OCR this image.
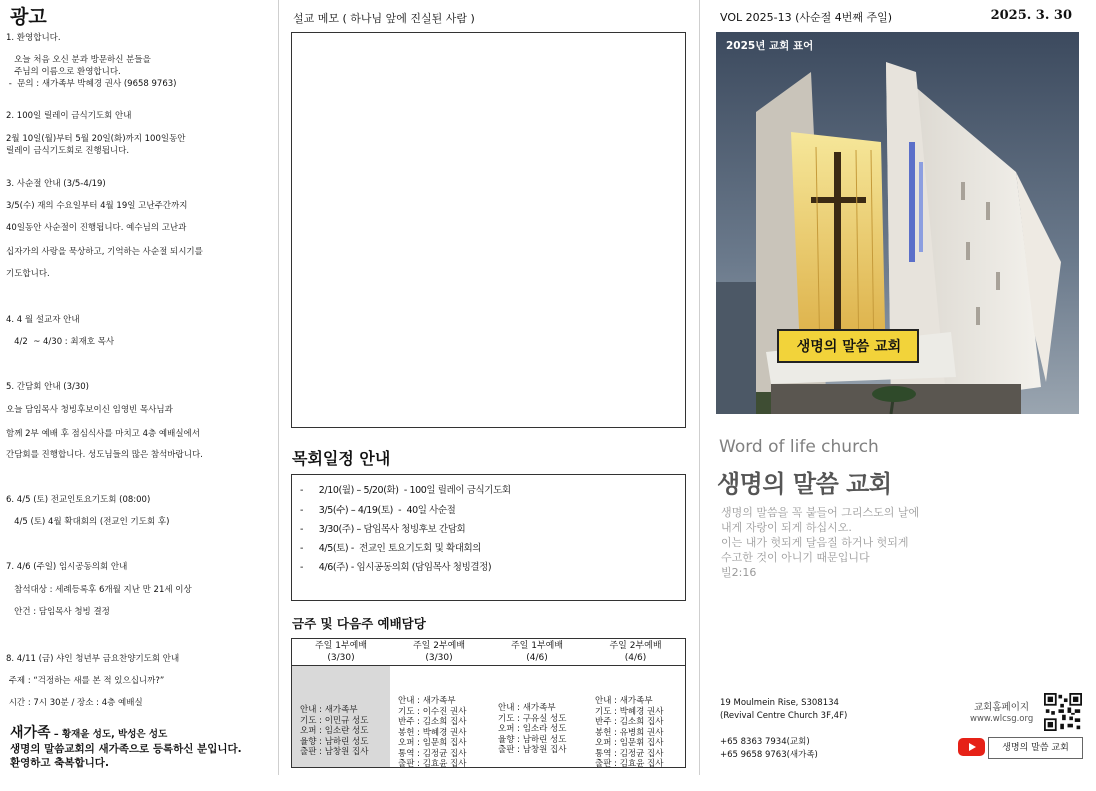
광고
1. 환영합니다.
오늘 처음 오신 분과 방문하신 분들을
주님의 이름으로 환영합니다.
-  문의 : 새가족부 박혜경 권사 (9658 9763)
2. 100일 릴레이 금식기도회 안내
2월 10일(월)부터 5월 20일(화)까지 100일동안
릴레이 금식기도회로 진행됩니다.
3. 사순절 안내 (3/5-4/19)
3/5(수) 재의 수요일부터 4월 19일 고난주간까지
40일동안 사순절이 진행됩니다. 예수님의 고난과
십자가의 사랑을 묵상하고, 기억하는 사순절 되시기를
기도합니다.
4. 4 월 설교자 안내
4/2  ~ 4/30 : 최재호 목사
5. 간담회 안내 (3/30)
오늘 담임목사 청빙후보이신 임영빈 목사님과
함께 2부 예배 후 점심식사를 마치고 4층 예배실에서
간담회를 진행합니다. 성도님들의 많은 참석바랍니다.
6. 4/5 (토) 전교인토요기도회 (08:00)
4/5 (토) 4월 확대회의 (전교인 기도회 후)
7. 4/6 (주일) 임시공동의회 안내
참석대상 : 세례등록후 6개월 지난 만 21세 이상
안건 : 담임목사 청빙 결정
8. 4/11 (금) 샤인 청년부 금요찬양기도회 안내
주제 : “걱정하는 새를 본 적 있으십니까?”
시간 : 7시 30분 / 장소 : 4층 예배실
새가족 – 황재윤 성도, 박성은 성도
생명의 말씀교회의 새가족으로 등록하신 분입니다.
환영하고 축복합니다.
설교 메모 ( 하나님 앞에 진실된 사람 )
목회일정 안내
-      2/10(월) – 5/20(화)  - 100일 릴레이 금식기도회
-      3/5(수) – 4/19(토)  -  40일 사순절
-      3/30(주) – 담임목사 청빙후보 간담회
-      4/5(토) -  전교인 토요기도회 및 확대회의
-      4/6(주) - 임시공동의회 (담임목사 청빙결정)
금주 및 다음주 예배담당
주일 1부예배
(3/30)
주일 2부예배
(3/30)
주일 1부예배
(4/6)
주일 2부예배
(4/6)

안내 : 새가족부
기도 : 이민규 성도
오퍼 : 임소란 성도
율향 : 남하린 성도
출판 : 남창원 집사

안내 : 새가족부
기도 : 이수진 권사
반주 : 김소희 집사
봉헌 : 박혜경 권사
오퍼 : 임문희 집사
통역 : 김정균 집사
출판 : 김효윤 집사

안내 : 새가족부
기도 : 구유실 성도
오퍼 : 임소라 성도
율향 : 남하린 성도
출판 : 남창원 집사

안내 : 새가족부
기도 : 박혜경 권사
반주 : 김소희 집사
봉헌 : 유병희 권사
오퍼 : 임문휘 집사
통역 : 김정균 집사
출판 : 김효윤 집사

VOL 2025-13 (사순절 4번째 주일)	2025. 3. 30
2025년 교회 표어
생명의 말씀 교회
Word of life church
생명의 말씀 교회
생명의 말씀을 꼭 붙들어 그리스도의 날에
내게 자랑이 되게 하십시오.
이는 내가 헛되게 달음질 하거나 헛되게
수고한 것이 아니기 때문입니다
빌2:16
19 Moulmein Rise, S308134
(Revival Centre Church 3F,4F)

+65 8363 7934(교회)
+65 9658 9763(새가족)
교회홈페이지
www.wlcsg.org
생명의 말씀 교회
